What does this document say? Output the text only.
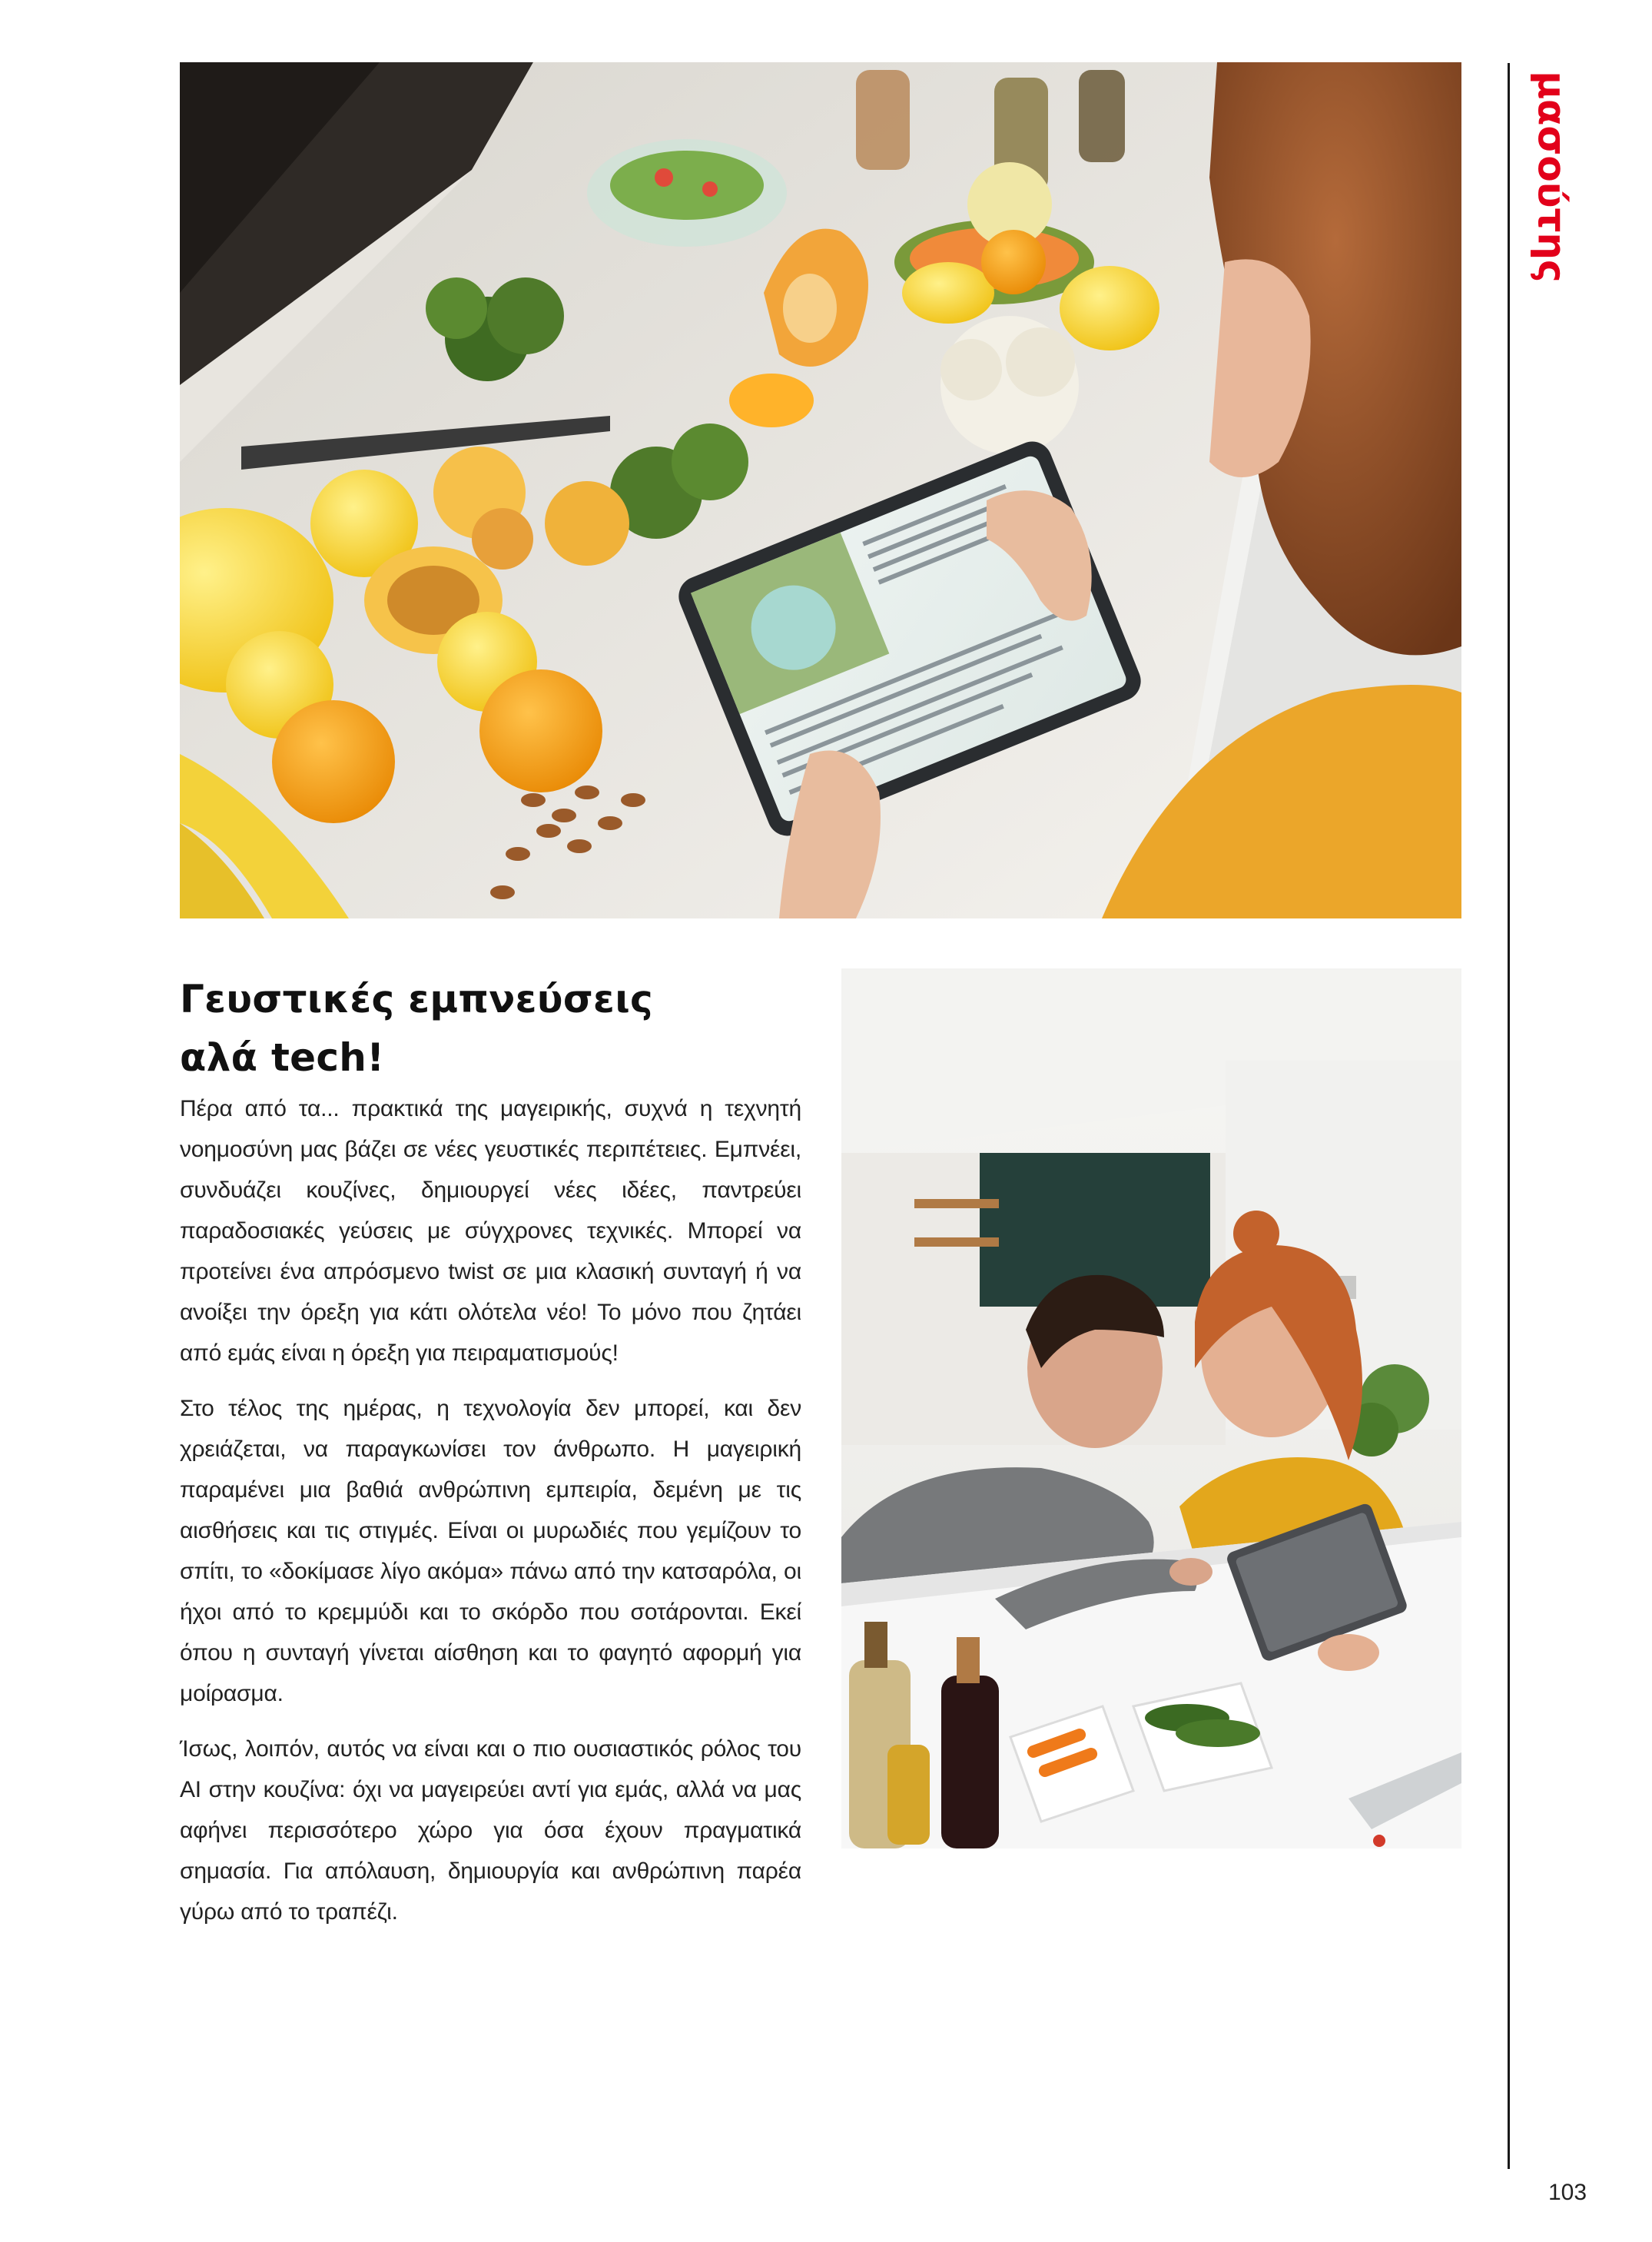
Γευστικές εμπνεύσεις
αλά tech!

Πέρα από τα... πρακτικά της μαγειρικής, συχνά η τεχνητή νοημοσύνη μας βάζει σε νέες γευστικές περιπέτειες. Εμπνέει, συνδυάζει κουζίνες, δημιουργεί νέες ιδέες, παντρεύει παραδοσιακές γεύσεις με σύγχρονες τεχνικές. Μπορεί να προτείνει ένα απρόσμενο twist σε μια κλασική συνταγή ή να ανοίξει την όρεξη για κάτι ολότελα νέο! Το μόνο που ζητάει από εμάς είναι η όρεξη για πειραματισμούς!

Στο τέλος της ημέρας, η τεχνολογία δεν μπορεί, και δεν χρειάζεται, να παραγκωνίσει τον άνθρωπο. Η μαγειρική παραμένει μια βαθιά ανθρώπινη εμπειρία, δεμένη με τις αισθήσεις και τις στιγμές. Είναι οι μυρωδιές που γεμίζουν το σπίτι, το «δοκίμασε λίγο ακόμα» πάνω από την κατσαρόλα, οι ήχοι από το κρεμμύδι και το σκόρδο που σοτάρονται. Εκεί όπου η συνταγή γίνεται αίσθηση και το φαγητό αφορμή για μοίρασμα.

Ίσως, λοιπόν, αυτός να είναι και ο πιο ουσιαστικός ρόλος του AI στην κουζίνα: όχι να μαγειρεύει αντί για εμάς, αλλά να μας αφήνει περισσότερο χώρο για όσα έχουν πραγματικά σημασία. Για απόλαυση, δημιουργία και ανθρώπινη παρέα γύρω από το τραπέζι.

μασούτης
103
